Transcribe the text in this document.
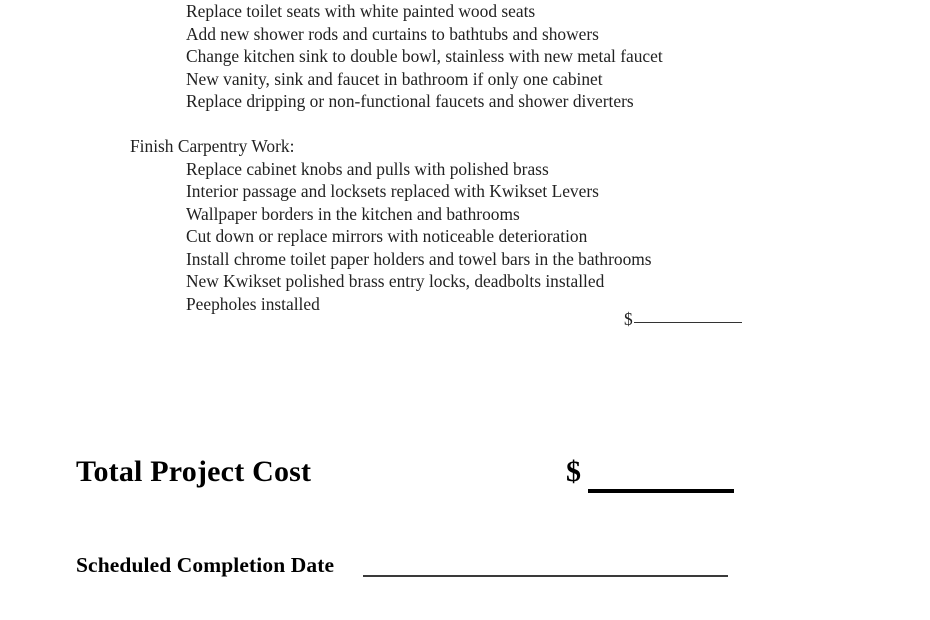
Replace toilet seats with white painted wood seats
Add new shower rods and curtains to bathtubs and showers
Change kitchen sink to double bowl, stainless with new metal faucet
New vanity, sink and faucet in bathroom if only one cabinet
Replace dripping or non-functional faucets and shower diverters
Finish Carpentry Work:
Replace cabinet knobs and pulls with polished brass
Interior passage and locksets replaced with Kwikset Levers
Wallpaper borders in the kitchen and bathrooms
Cut down or replace mirrors with noticeable deterioration
Install chrome toilet paper holders and towel bars in the bathrooms
New Kwikset polished brass entry locks, deadbolts installed
Peepholes installed
$
Total Project Cost	$
Scheduled Completion Date
